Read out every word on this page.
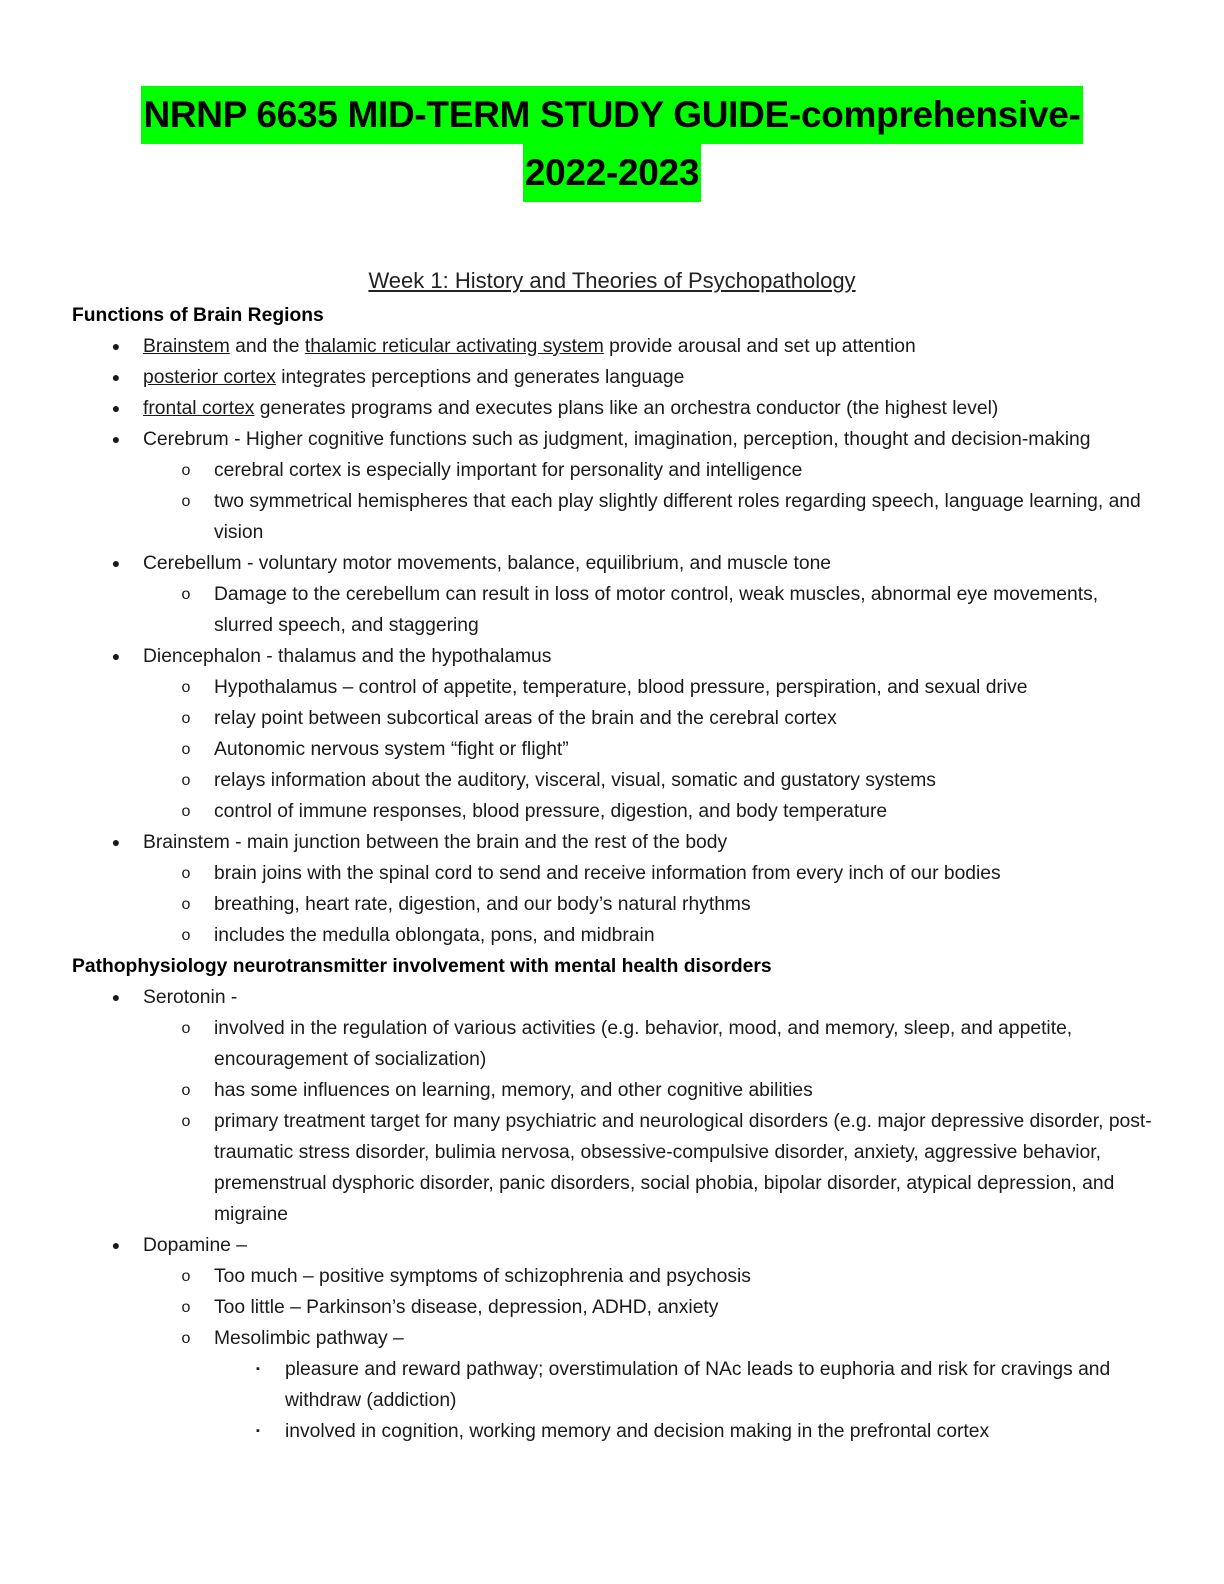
NRNP 6635 MID-TERM STUDY GUIDE-comprehensive-
2022-2023
Week 1: History and Theories of Psychopathology
Functions of Brain Regions
● Brainstem and the thalamic reticular activating system provide arousal and set up attention
● posterior cortex integrates perceptions and generates language
● frontal cortex generates programs and executes plans like an orchestra conductor (the highest level)
● Cerebrum - Higher cognitive functions such as judgment, imagination, perception, thought and decision-making
o cerebral cortex is especially important for personality and intelligence
o two symmetrical hemispheres that each play slightly different roles regarding speech, language learning, and vision
● Cerebellum - voluntary motor movements, balance, equilibrium, and muscle tone
o Damage to the cerebellum can result in loss of motor control, weak muscles, abnormal eye movements, slurred speech, and staggering
● Diencephalon - thalamus and the hypothalamus
o Hypothalamus – control of appetite, temperature, blood pressure, perspiration, and sexual drive
o relay point between subcortical areas of the brain and the cerebral cortex
o Autonomic nervous system “fight or flight”
o relays information about the auditory, visceral, visual, somatic and gustatory systems
o control of immune responses, blood pressure, digestion, and body temperature
● Brainstem - main junction between the brain and the rest of the body
o brain joins with the spinal cord to send and receive information from every inch of our bodies
o breathing, heart rate, digestion, and our body’s natural rhythms
o includes the medulla oblongata, pons, and midbrain
Pathophysiology neurotransmitter involvement with mental health disorders
● Serotonin -
o involved in the regulation of various activities (e.g. behavior, mood, and memory, sleep, and appetite, encouragement of socialization)
o has some influences on learning, memory, and other cognitive abilities
o primary treatment target for many psychiatric and neurological disorders (e.g. major depressive disorder, post-traumatic stress disorder, bulimia nervosa, obsessive-compulsive disorder, anxiety, aggressive behavior, premenstrual dysphoric disorder, panic disorders, social phobia, bipolar disorder, atypical depression, and migraine
● Dopamine –
o Too much – positive symptoms of schizophrenia and psychosis
o Too little – Parkinson’s disease, depression, ADHD, anxiety
o Mesolimbic pathway –
▪	pleasure and reward pathway; overstimulation of NAc leads to euphoria and risk for cravings and withdraw (addiction)
▪	involved in cognition, working memory and decision making in the prefrontal cortex
